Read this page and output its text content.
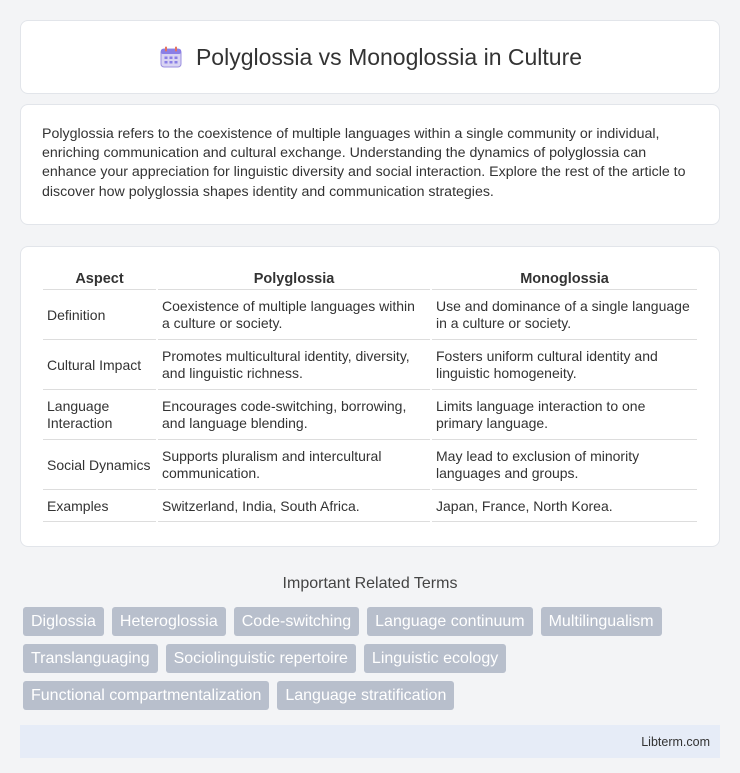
Polyglossia vs Monoglossia in Culture

Polyglossia refers to the coexistence of multiple languages within a single community or individual, enriching communication and cultural exchange. Understanding the dynamics of polyglossia can enhance your appreciation for linguistic diversity and social interaction. Explore the rest of the article to discover how polyglossia shapes identity and communication strategies.

Aspect	Polyglossia	Monoglossia
Definition	Coexistence of multiple languages within a culture or society.	Use and dominance of a single language in a culture or society.
Cultural Impact	Promotes multicultural identity, diversity, and linguistic richness.	Fosters uniform cultural identity and linguistic homogeneity.
Language Interaction	Encourages code-switching, borrowing, and language blending.	Limits language interaction to one primary language.
Social Dynamics	Supports pluralism and intercultural communication.	May lead to exclusion of minority languages and groups.
Examples	Switzerland, India, South Africa.	Japan, France, North Korea.
Important Related Terms
Diglossia	Heteroglossia	Code-switching	Language continuum	Multilingualism
Translanguaging	Sociolinguistic repertoire	Linguistic ecology
Functional compartmentalization	Language stratification
Libterm.com
